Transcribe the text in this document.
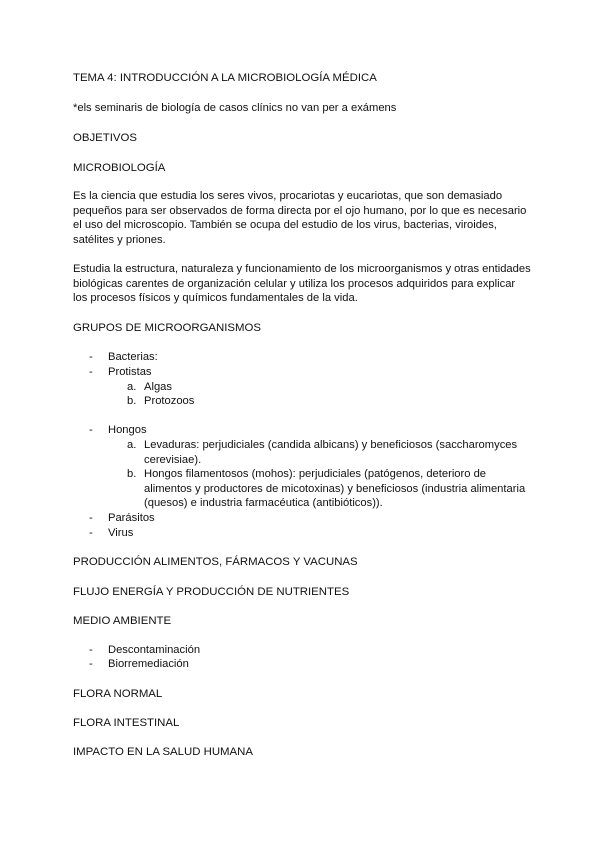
TEMA 4: INTRODUCCIÓN A LA MICROBIOLOGÍA MÉDICA
*els seminaris de biología de casos clínics no van per a exámens
OBJETIVOS
MICROBIOLOGÍA
Es la ciencia que estudia los seres vivos, procariotas y eucariotas, que son demasiado
pequeños para ser observados de forma directa por el ojo humano, por lo que es necesario
el uso del microscopio. También se ocupa del estudio de los virus, bacterias, viroides,
satélites y priones.
Estudia la estructura, naturaleza y funcionamiento de los microorganismos y otras entidades
biológicas carentes de organización celular y utiliza los procesos adquiridos para explicar
los procesos físicos y químicos fundamentales de la vida.
GRUPOS DE MICROORGANISMOS
- Bacterias:
- Protistas
a. Algas
b. Protozoos
- Hongos
a. Levaduras: perjudiciales (candida albicans) y beneficiosos (saccharomyces
cerevisiae).
b. Hongos filamentosos (mohos): perjudiciales (patógenos, deterioro de
alimentos y productores de micotoxinas) y beneficiosos (industria alimentaria
(quesos) e industria farmacéutica (antibióticos)).
- Parásitos
- Virus
PRODUCCIÓN ALIMENTOS, FÁRMACOS Y VACUNAS
FLUJO ENERGÍA Y PRODUCCIÓN DE NUTRIENTES
MEDIO AMBIENTE
- Descontaminación
- Biorremediación
FLORA NORMAL
FLORA INTESTINAL
IMPACTO EN LA SALUD HUMANA
